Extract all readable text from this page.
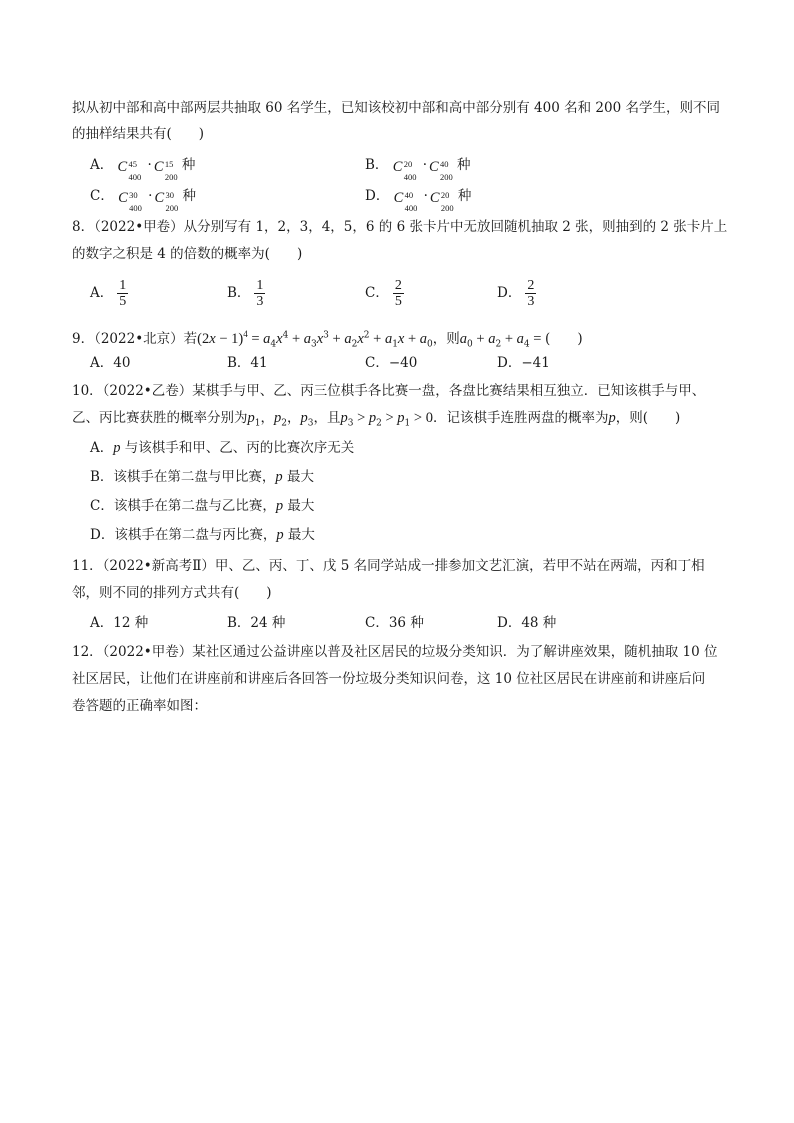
拟从初中部和高中部两层共抽取 60 名学生，已知该校初中部和高中部分别有 400 名和 200 名学生，则不同
的抽样结果共有(　　)
A． C 45
400
· C 15
200
种	B． C 20
400
· C 40
200
种
C． C 30
400
· C 30
200
种	D． C 40
400
· C 20
200
种
8．（2022•甲卷）从分别写有 1，2，3，4，5，6 的 6 张卡片中无放回随机抽取 2 张，则抽到的 2 张卡片上
的数字之积是 4 的倍数的概率为(　　)
A． $\frac{1}{5}$	B． $\frac{1}{3}$	C． $\frac{2}{5}$	D． $\frac{2}{3}$
9．（2022•北京）若$(2x - 1)^4 = a_4x^4 + a_3x^3 + a_2x^2 + a_1x + a_0$，则$a_0 + a_2 + a_4$ = (　　)
A．40	B．41	C．−40	D．−41
10．（2022•乙卷）某棋手与甲、乙、丙三位棋手各比赛一盘，各盘比赛结果相互独立．已知该棋手与甲、
乙、丙比赛获胜的概率分别为$p_1$，$p_2$，$p_3$，且$p_3 > p_2 > p_1 > 0$．记该棋手连胜两盘的概率为p，则(　　)
A．p 与该棋手和甲、乙、丙的比赛次序无关
B．该棋手在第二盘与甲比赛，p 最大
C．该棋手在第二盘与乙比赛，p 最大
D．该棋手在第二盘与丙比赛，p 最大
11．（2022•新高考Ⅱ）甲、乙、丙、丁、戊 5 名同学站成一排参加文艺汇演，若甲不站在两端，丙和丁相
邻，则不同的排列方式共有(　　)
A．12 种	B．24 种	C．36 种	D．48 种
12．（2022•甲卷）某社区通过公益讲座以普及社区居民的垃圾分类知识．为了解讲座效果，随机抽取 10 位
社区居民，让他们在讲座前和讲座后各回答一份垃圾分类知识问卷，这 10 位社区居民在讲座前和讲座后问
卷答题的正确率如图：
